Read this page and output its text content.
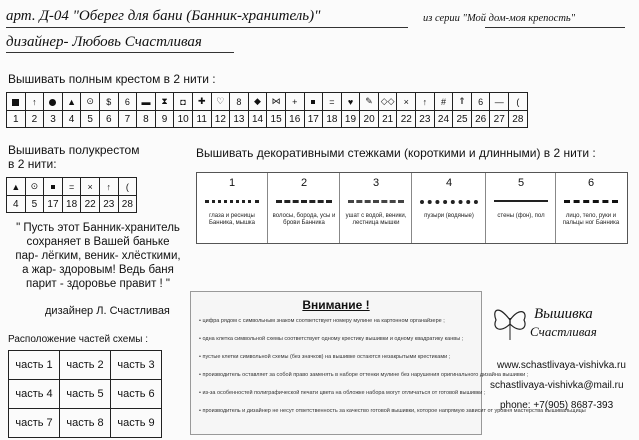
арт. Д-04 "Оберег для бани (Банник-хранитель)"	из серии "Мой дом-моя крепость"
дизайнер- Любовь Счастливая
Вышивать полным крестом в 2 нити :
	↑		▲	⊙	$	6	▬	⧗	◘	✚	♡	8	◆	⋈	+		=	♥	✎	◇◇	×	↑	#	⇑	6	—	(
1	2	3	4	5	6	7	8	9	10	11	12	13	14	15	16	17	18	19	20	21	22	23	24	25	26	27	28
Вышивать полукрестом
в 2 нити:
▲	⊙		=	×	↑	(
4	5	17	18	22	23	28
Вышивать декоративными стежками (короткими и длинными) в 2 нити :
1
глаза и ресницы Банника, мышка
2
волосы, борода, усы и брови Банника
3
ушат с водой, веники, лестница мышки
4
пузыри (водяные)
5
стены (фон), пол
6
лицо, тело, руки и пальцы ног Банника
" Пусть этот Банник-хранитель
сохраняет в Вашей баньке
пар- лёгким, веник- хлёсткими,
а жар- здоровым! Ведь баня
парит - здоровье правит ! "
дизайнер Л. Счастливая
Расположение частей схемы :
часть 1	часть 2	часть 3
часть 4	часть 5	часть 6
часть 7	часть 8	часть 9
Внимание !
• цифра рядом с символьным знаком соответствует номеру мулине на картонном органайзере ;
• одна клетка символьной схемы соответствует одному крестику вышивки и одному квадратику канвы ;
• пустые клетки символьной схемы (без значков) на вышивке остаются незакрытыми крестиками ;
• производитель оставляет за собой право заменять в наборе оттенки мулине без нарушения оригинального дизайна вышивки ;
• из-за особенностей полиграфической печати цвета на обложке набора могут отличаться от готовой вышивки ;
• производитель и дизайнер не несут ответственность за качество готовой вышивки, которое напрямую зависит от уровня мастерства вышивальщицы
Вышивка
Счастливая
www.schastlivaya-vishivka.ru
schastlivaya-vishivka@mail.ru
phone: +7(905) 8687-393
